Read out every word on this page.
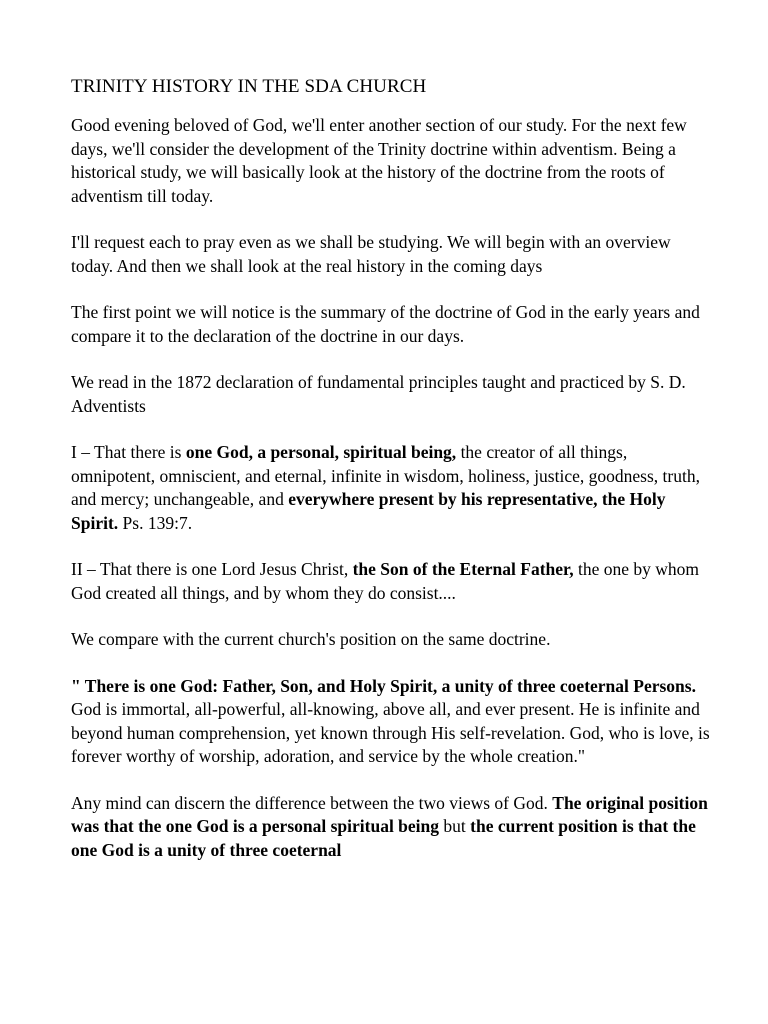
TRINITY HISTORY IN THE SDA CHURCH

Good evening beloved of God, we'll enter another section of our study. For the next few days, we'll consider the development of the Trinity doctrine within adventism. Being a historical study, we will basically look at the history of the doctrine from the roots of adventism till today.

I'll request each to pray even as we shall be studying. We will begin with an overview today. And then we shall look at the real history in the coming days

The first point we will notice is the summary of the doctrine of God in the early years and compare it to the declaration of the doctrine in our days.

We read in the 1872 declaration of fundamental principles taught and practiced by S. D. Adventists

I – That there is one God, a personal, spiritual being, the creator of all things, omnipotent, omniscient, and eternal, infinite in wisdom, holiness, justice, goodness, truth, and mercy; unchangeable, and everywhere present by his representative, the Holy Spirit. Ps. 139:7.

II – That there is one Lord Jesus Christ, the Son of the Eternal Father, the one by whom God created all things, and by whom they do consist....

We compare with the current church's position on the same doctrine.

" There is one God: Father, Son, and Holy Spirit, a unity of three coeternal Persons. God is immortal, all-powerful, all-knowing, above all, and ever present. He is infinite and beyond human comprehension, yet known through His self-revelation. God, who is love, is forever worthy of worship, adoration, and service by the whole creation."

Any mind can discern the difference between the two views of God. The original position was that the one God is a personal spiritual being but the current position is that the one God is a unity of three coeternal
